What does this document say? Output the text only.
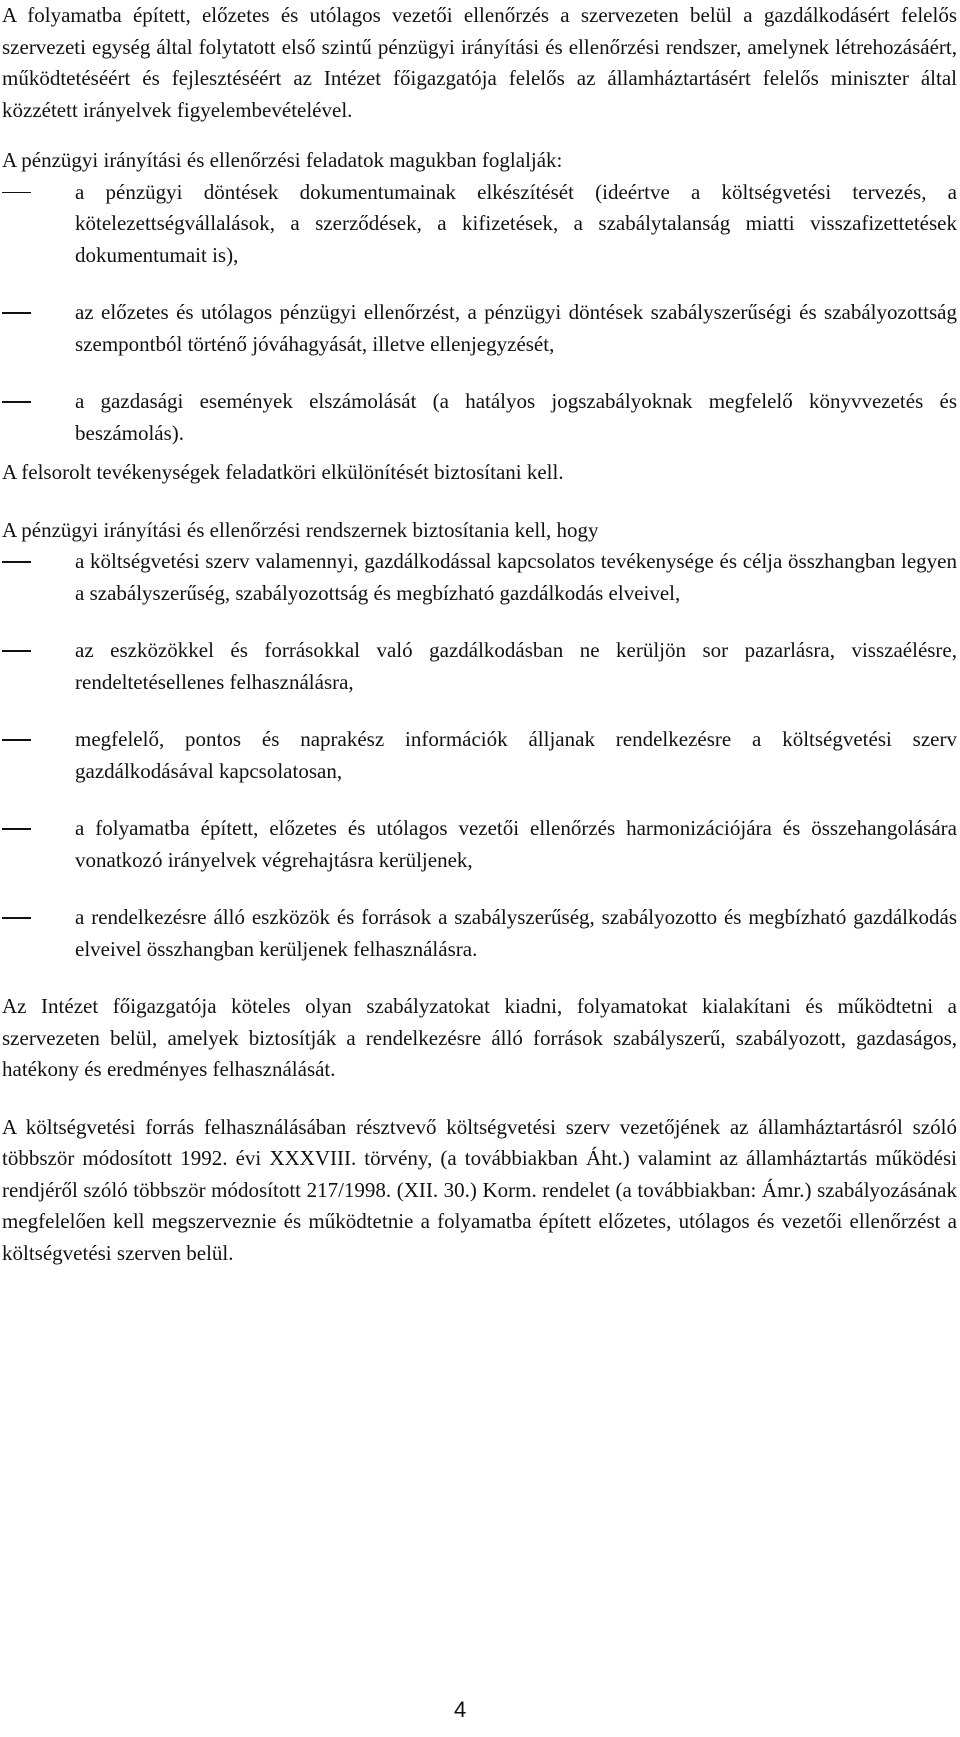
A folyamatba épített, előzetes és utólagos vezetői ellenőrzés a szervezeten belül a gazdálkodásért felelős szervezeti egység által folytatott első szintű pénzügyi irányítási és ellenőrzési rendszer, amelynek létrehozásáért, működtetéséért és fejlesztéséért az Intézet főigazgatója felelős az államháztartásért felelős miniszter által közzétett irányelvek figyelembevételével.

A pénzügyi irányítási és ellenőrzési feladatok magukban foglalják:

a pénzügyi döntések dokumentumainak elkészítését (ideértve a költségvetési tervezés, a kötelezettségvállalások, a szerződések, a kifizetések, a szabálytalanság miatti visszafizettetések dokumentumait is),
az előzetes és utólagos pénzügyi ellenőrzést, a pénzügyi döntések szabályszerűségi és szabályozottság szempontból történő jóváhagyását, illetve ellenjegyzését,
a gazdasági események elszámolását (a hatályos jogszabályoknak megfelelő könyvvezetés és beszámolás).

A felsorolt tevékenységek feladatköri elkülönítését biztosítani kell.

A pénzügyi irányítási és ellenőrzési rendszernek biztosítania kell, hogy

a költségvetési szerv valamennyi, gazdálkodással kapcsolatos tevékenysége és célja összhangban legyen a szabályszerűség, szabályozottság és megbízható gazdálkodás elveivel,
az eszközökkel és forrásokkal való gazdálkodásban ne kerüljön sor pazarlásra, visszaélésre, rendeltetésellenes felhasználásra,
megfelelő, pontos és naprakész információk álljanak rendelkezésre a költségvetési szerv gazdálkodásával kapcsolatosan,
a folyamatba épített, előzetes és utólagos vezetői ellenőrzés harmonizációjára és összehangolására vonatkozó irányelvek végrehajtásra kerüljenek,
a rendelkezésre álló eszközök és források a szabályszerűség, szabályozotto és megbízható gazdálkodás elveivel összhangban kerüljenek felhasználásra.

Az Intézet főigazgatója köteles olyan szabályzatokat kiadni, folyamatokat kialakítani és működtetni a szervezeten belül, amelyek biztosítják a rendelkezésre álló források szabályszerű, szabályozott, gazdaságos, hatékony és eredményes felhasználását.

A költségvetési forrás felhasználásában résztvevő költségvetési szerv vezetőjének az államháztartásról szóló többször módosított 1992. évi XXXVIII. törvény, (a továbbiakban Áht.) valamint az államháztartás működési rendjéről szóló többször módosított 217/1998. (XII. 30.) Korm. rendelet (a továbbiakban: Ámr.) szabályozásának megfelelően kell megszerveznie és működtetnie a folyamatba épített előzetes, utólagos és vezetői ellenőrzést a költségvetési szerven belül.

4
